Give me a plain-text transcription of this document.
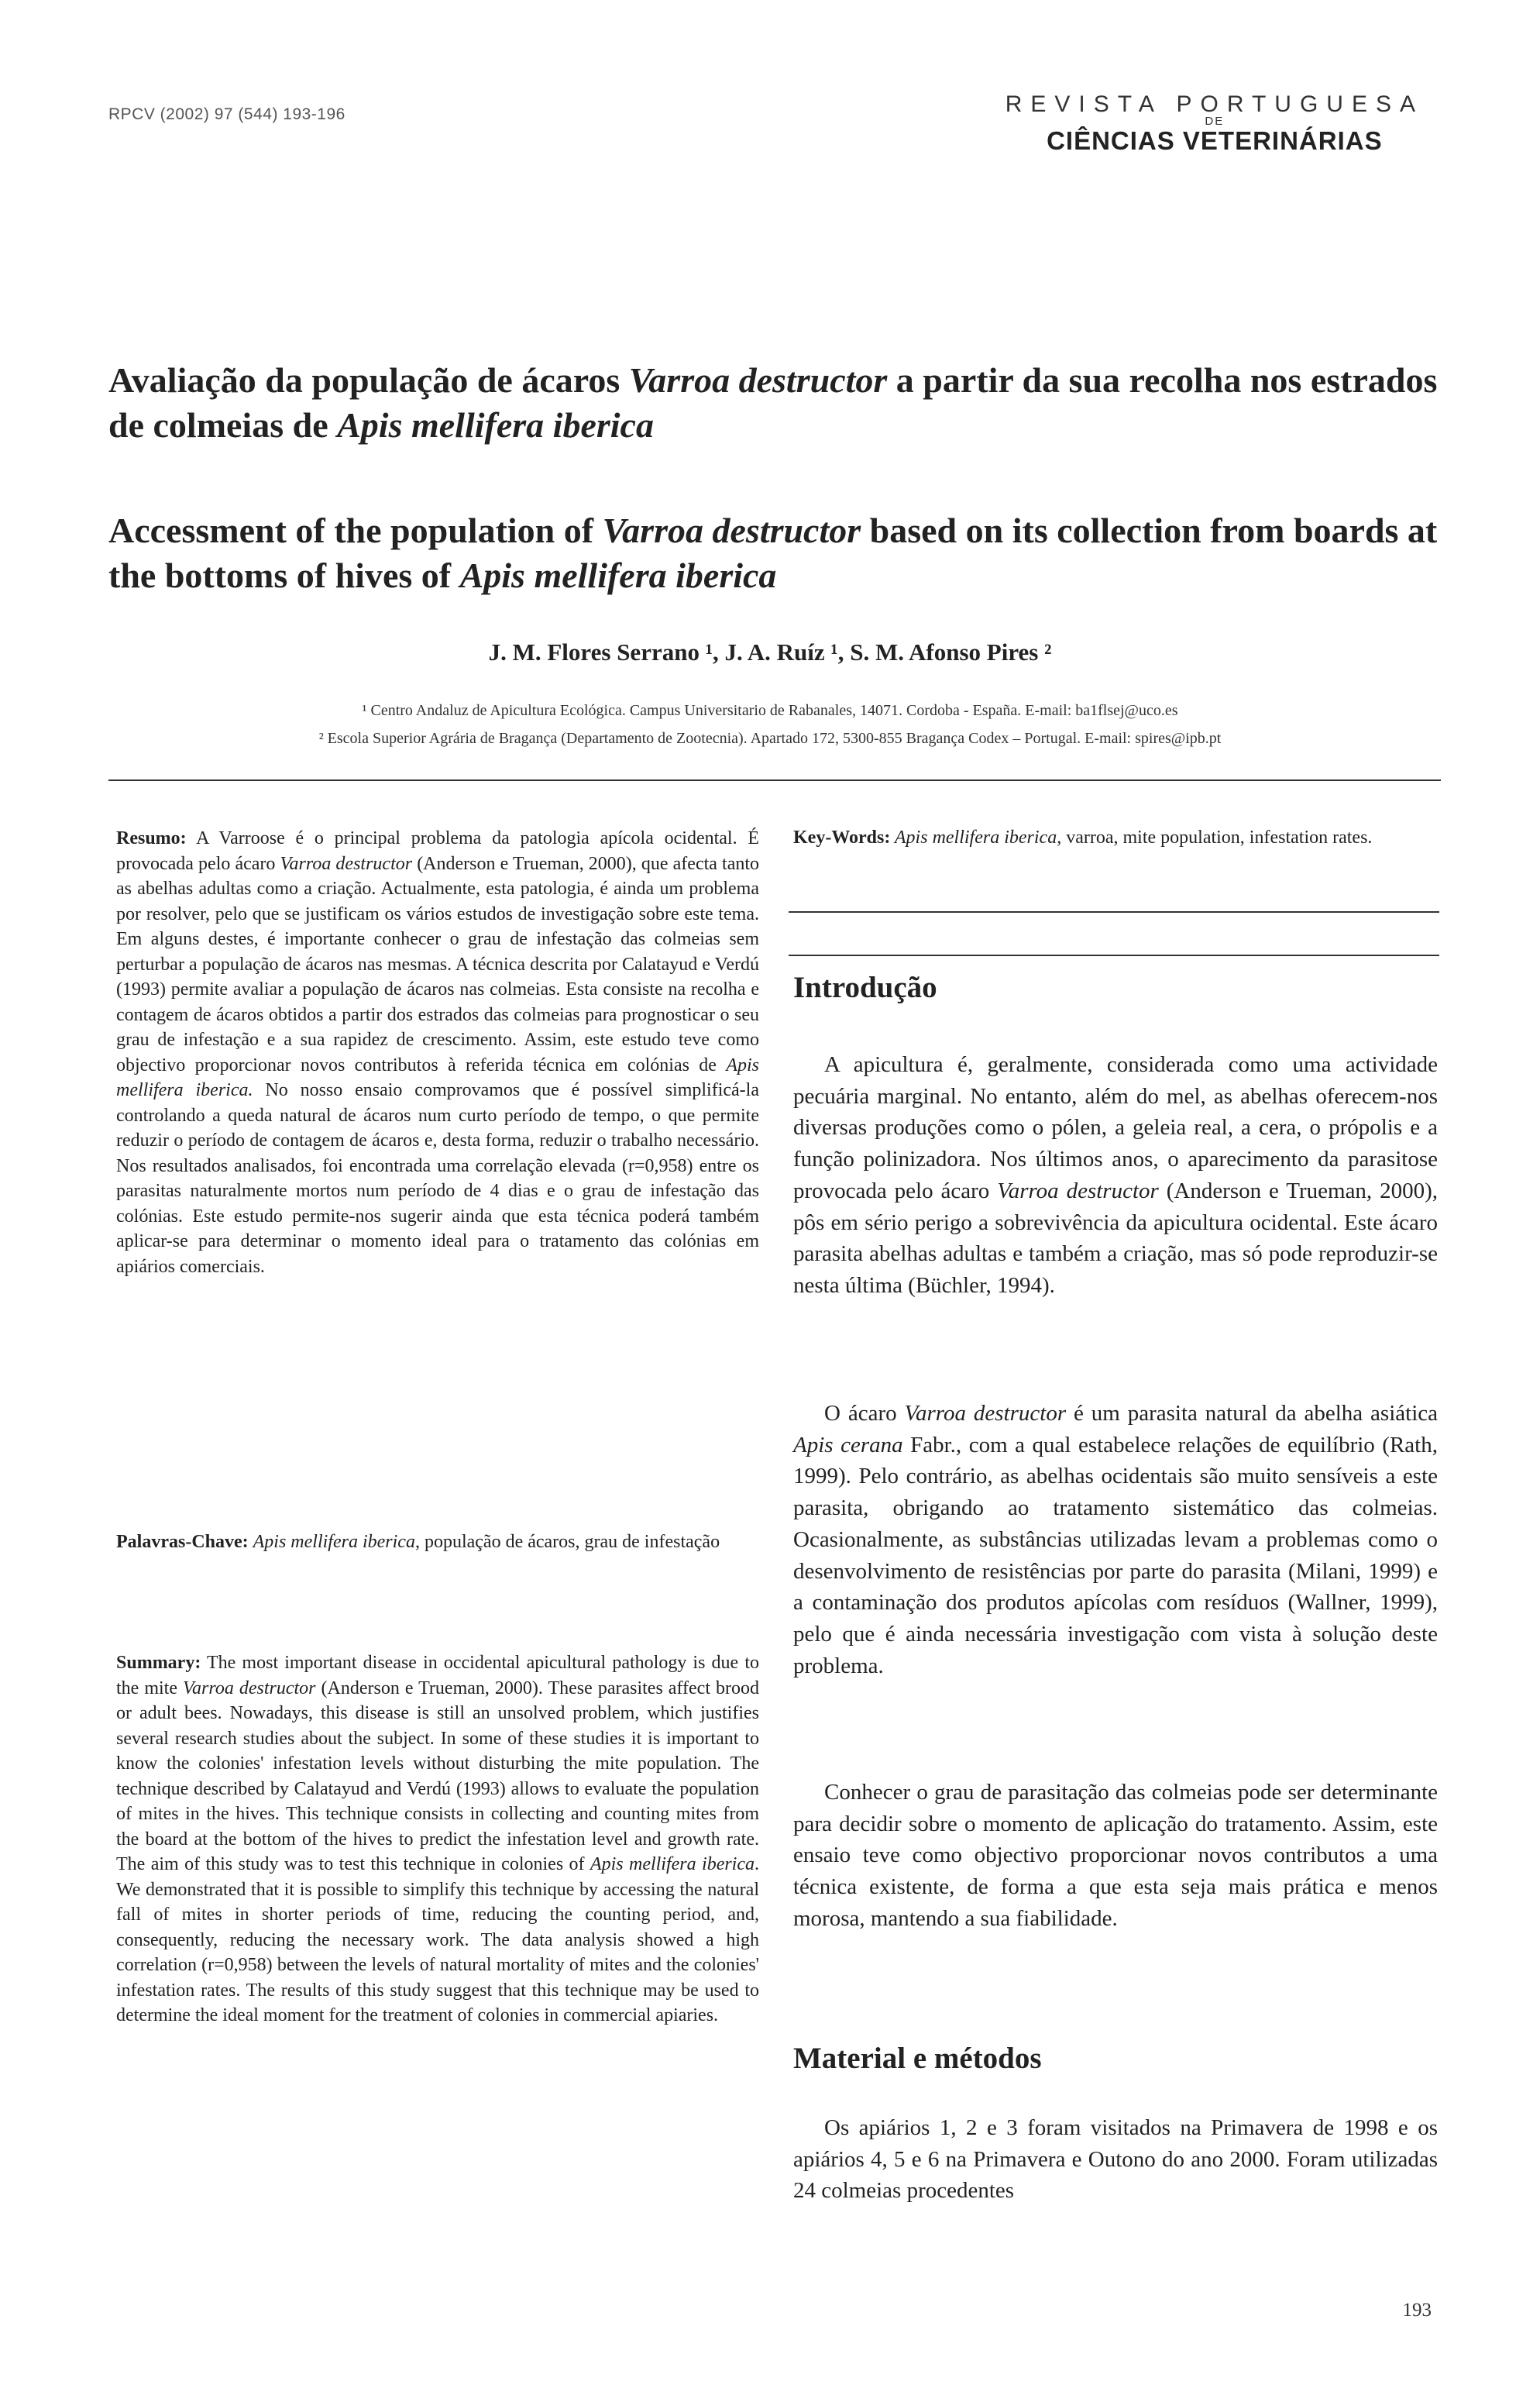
RPCV (2002) 97 (544) 193-196	REVISTA PORTUGUESA
DE
CIÊNCIAS VETERINÁRIAS
Avaliação da população de ácaros Varroa destructor a partir da sua recolha nos estrados de colmeias de Apis mellifera iberica
Accessment of the population of Varroa destructor based on its collection from boards at the bottoms of hives of Apis mellifera iberica
J. M. Flores Serrano ¹, J. A. Ruíz ¹, S. M. Afonso Pires ²
¹ Centro Andaluz de Apicultura Ecológica. Campus Universitario de Rabanales, 14071. Cordoba - España. E-mail: ba1flsej@uco.es
² Escola Superior Agrária de Bragança (Departamento de Zootecnia). Apartado 172, 5300-855 Bragança Codex – Portugal. E-mail: spires@ipb.pt
Resumo: A Varroose é o principal problema da patologia apícola ocidental. É provocada pelo ácaro Varroa destructor (Anderson e Trueman, 2000), que afecta tanto as abelhas adultas como a criação. Actualmente, esta patologia, é ainda um problema por resolver, pelo que se justificam os vários estudos de investigação sobre este tema. Em alguns destes, é importante conhecer o grau de infestação das colmeias sem perturbar a população de ácaros nas mesmas. A técnica descrita por Calatayud e Verdú (1993) permite avaliar a população de ácaros nas colmeias. Esta consiste na recolha e contagem de ácaros obtidos a partir dos estrados das colmeias para prognosticar o seu grau de infestação e a sua rapidez de crescimento. Assim, este estudo teve como objectivo proporcionar novos contributos à referida técnica em colónias de Apis mellifera iberica. No nosso ensaio comprovamos que é possível simplificá-la controlando a queda natural de ácaros num curto período de tempo, o que permite reduzir o período de contagem de ácaros e, desta forma, reduzir o trabalho necessário. Nos resultados analisados, foi encontrada uma correlação elevada (r=0,958) entre os parasitas naturalmente mortos num período de 4 dias e o grau de infestação das colónias. Este estudo permite-nos sugerir ainda que esta técnica poderá também aplicar-se para determinar o momento ideal para o tratamento das colónias em apiários comerciais.
Palavras-Chave: Apis mellifera iberica, população de ácaros, grau de infestação
Summary: The most important disease in occidental apicultural pathology is due to the mite Varroa destructor (Anderson e Trueman, 2000). These parasites affect brood or adult bees. Nowadays, this disease is still an unsolved problem, which justifies several research studies about the subject. In some of these studies it is important to know the colonies' infestation levels without disturbing the mite population. The technique described by Calatayud and Verdú (1993) allows to evaluate the population of mites in the hives. This technique consists in collecting and counting mites from the board at the bottom of the hives to predict the infestation level and growth rate. The aim of this study was to test this technique in colonies of Apis mellifera iberica. We demonstrated that it is possible to simplify this technique by accessing the natural fall of mites in shorter periods of time, reducing the counting period, and, consequently, reducing the necessary work. The data analysis showed a high correlation (r=0,958) between the levels of natural mortality of mites and the colonies' infestation rates. The results of this study suggest that this technique may be used to determine the ideal moment for the treatment of colonies in commercial apiaries.
Key-Words: Apis mellifera iberica, varroa, mite population, infestation rates.
Introdução

A apicultura é, geralmente, considerada como uma actividade pecuária marginal. No entanto, além do mel, as abelhas oferecem-nos diversas produções como o pólen, a geleia real, a cera, o própolis e a função polinizadora. Nos últimos anos, o aparecimento da parasitose provocada pelo ácaro Varroa destructor (Anderson e Trueman, 2000), pôs em sério perigo a sobrevivência da apicultura ocidental. Este ácaro parasita abelhas adultas e também a criação, mas só pode reproduzir-se nesta última (Büchler, 1994).

O ácaro Varroa destructor é um parasita natural da abelha asiática Apis cerana Fabr., com a qual estabelece relações de equilíbrio (Rath, 1999). Pelo contrário, as abelhas ocidentais são muito sensíveis a este parasita, obrigando ao tratamento sistemático das colmeias. Ocasionalmente, as substâncias utilizadas levam a problemas como o desenvolvimento de resistências por parte do parasita (Milani, 1999) e a contaminação dos produtos apícolas com resíduos (Wallner, 1999), pelo que é ainda necessária investigação com vista à solução deste problema.

Conhecer o grau de parasitação das colmeias pode ser determinante para decidir sobre o momento de aplicação do tratamento. Assim, este ensaio teve como objectivo proporcionar novos contributos a uma técnica existente, de forma a que esta seja mais prática e menos morosa, mantendo a sua fiabilidade.

Material e métodos

Os apiários 1, 2 e 3 foram visitados na Primavera de 1998 e os apiários 4, 5 e 6 na Primavera e Outono do ano 2000. Foram utilizadas 24 colmeias procedentes

193
